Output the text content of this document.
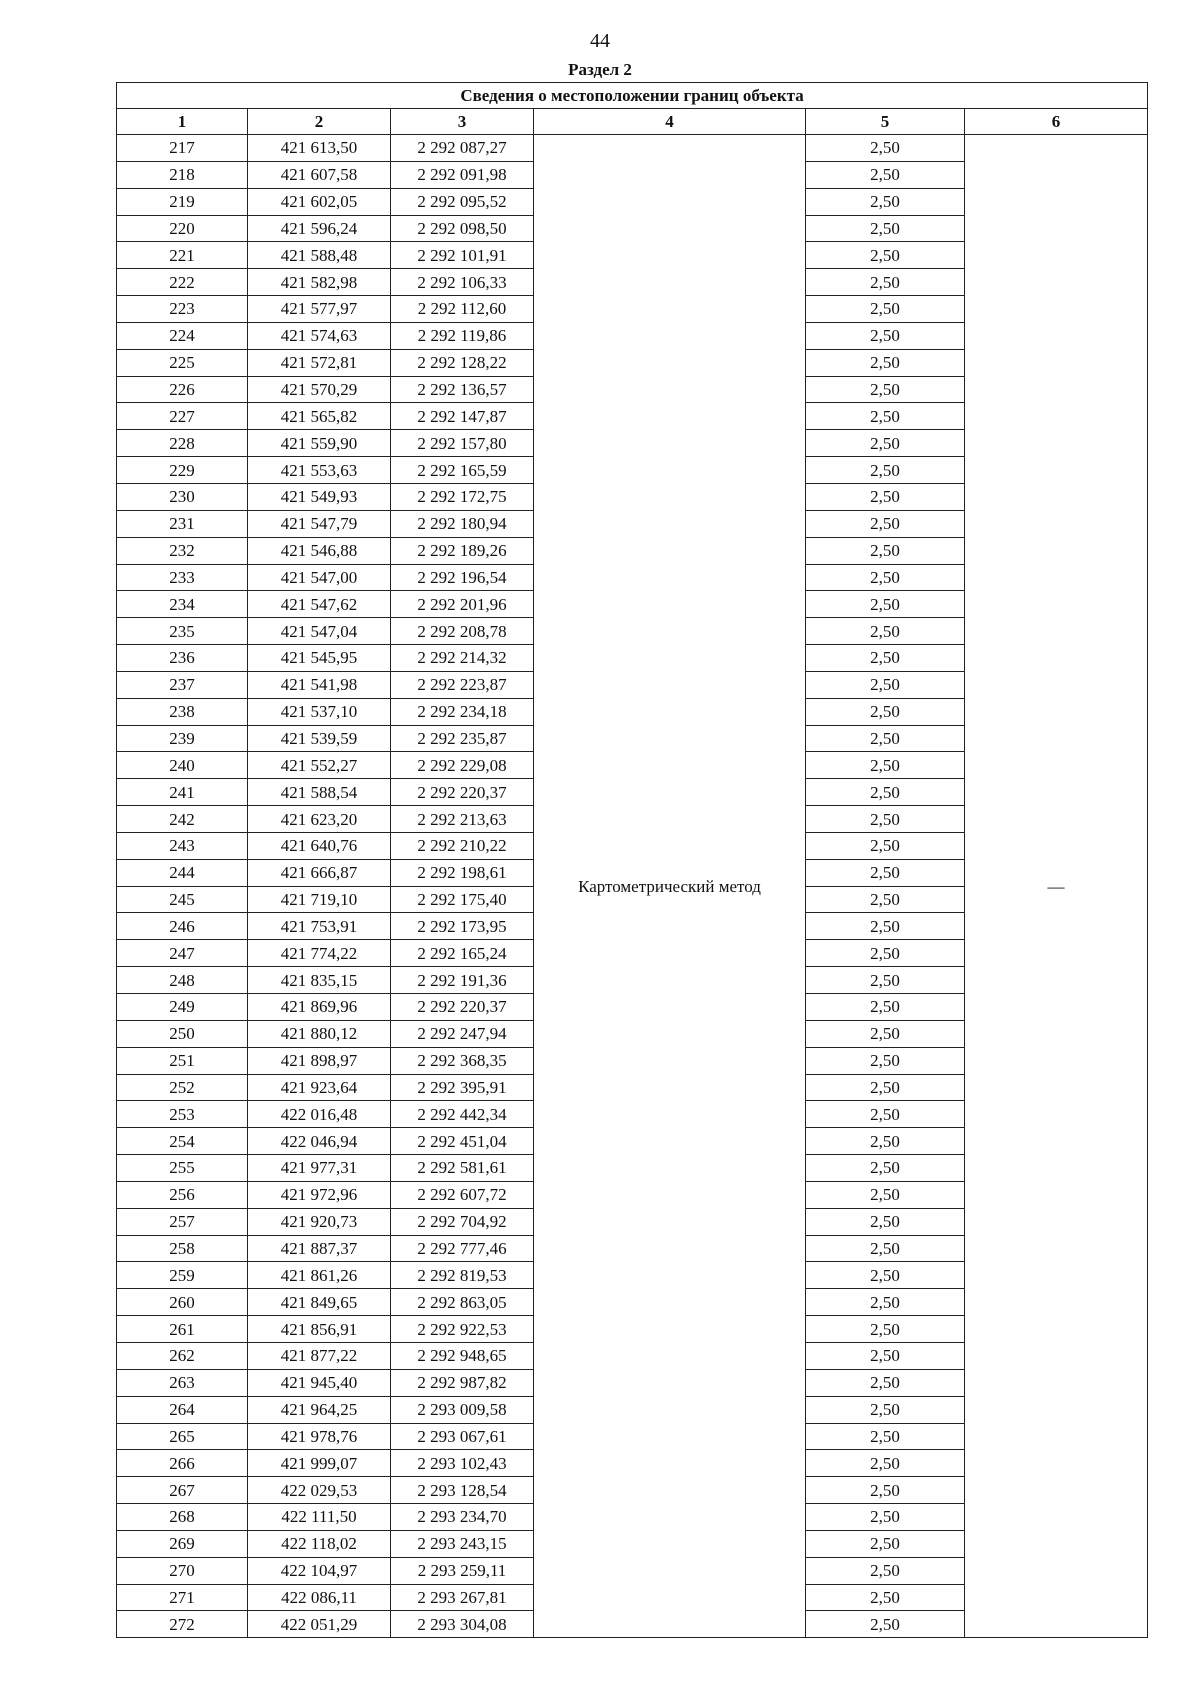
44
Раздел 2
Сведения о местоположении границ объекта					
1	2	3	4	5	6
217	421 613,50	2 292 087,27	Картометрический метод	2,50	—
218	421 607,58	2 292 091,98		2,50	
219	421 602,05	2 292 095,52		2,50	
220	421 596,24	2 292 098,50		2,50	
221	421 588,48	2 292 101,91		2,50	
222	421 582,98	2 292 106,33		2,50	
223	421 577,97	2 292 112,60		2,50	
224	421 574,63	2 292 119,86		2,50	
225	421 572,81	2 292 128,22		2,50	
226	421 570,29	2 292 136,57		2,50	
227	421 565,82	2 292 147,87		2,50	
228	421 559,90	2 292 157,80		2,50	
229	421 553,63	2 292 165,59		2,50	
230	421 549,93	2 292 172,75		2,50	
231	421 547,79	2 292 180,94		2,50	
232	421 546,88	2 292 189,26		2,50	
233	421 547,00	2 292 196,54		2,50	
234	421 547,62	2 292 201,96		2,50	
235	421 547,04	2 292 208,78		2,50	
236	421 545,95	2 292 214,32		2,50	
237	421 541,98	2 292 223,87		2,50	
238	421 537,10	2 292 234,18		2,50	
239	421 539,59	2 292 235,87		2,50	
240	421 552,27	2 292 229,08		2,50	
241	421 588,54	2 292 220,37		2,50	
242	421 623,20	2 292 213,63		2,50	
243	421 640,76	2 292 210,22		2,50	
244	421 666,87	2 292 198,61		2,50	
245	421 719,10	2 292 175,40		2,50	
246	421 753,91	2 292 173,95		2,50	
247	421 774,22	2 292 165,24		2,50	
248	421 835,15	2 292 191,36		2,50	
249	421 869,96	2 292 220,37		2,50	
250	421 880,12	2 292 247,94		2,50	
251	421 898,97	2 292 368,35		2,50	
252	421 923,64	2 292 395,91		2,50	
253	422 016,48	2 292 442,34		2,50	
254	422 046,94	2 292 451,04		2,50	
255	421 977,31	2 292 581,61		2,50	
256	421 972,96	2 292 607,72		2,50	
257	421 920,73	2 292 704,92		2,50	
258	421 887,37	2 292 777,46		2,50	
259	421 861,26	2 292 819,53		2,50	
260	421 849,65	2 292 863,05		2,50	
261	421 856,91	2 292 922,53		2,50	
262	421 877,22	2 292 948,65		2,50	
263	421 945,40	2 292 987,82		2,50	
264	421 964,25	2 293 009,58		2,50	
265	421 978,76	2 293 067,61		2,50	
266	421 999,07	2 293 102,43		2,50	
267	422 029,53	2 293 128,54		2,50	
268	422 111,50	2 293 234,70		2,50	
269	422 118,02	2 293 243,15		2,50	
270	422 104,97	2 293 259,11		2,50	
271	422 086,11	2 293 267,81		2,50	
272	422 051,29	2 293 304,08		2,50	
